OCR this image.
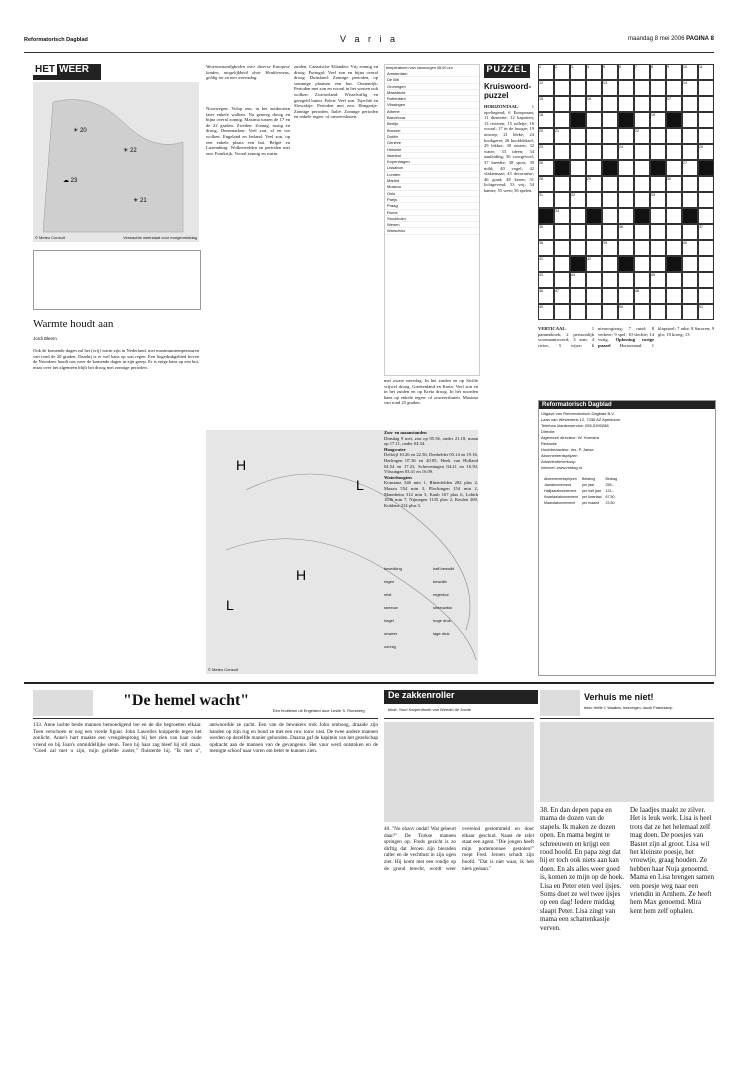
Reformatorisch Dagblad	V a r i a	maandag 8 mei 2006 PAGINA 8
HET WEER
☀ 20
☀ 22
☁ 23
☀ 21
© Meteo Consult	Verwachte weerstaat voor morgenmiddag
Warmte houdt aan
Jordi Bleem
Ook de komende dagen zal het (vrij) warm zijn in Nederland, met maximumtemperaturen van rond de 20 graden. Daarbij is er wel kans op wat regen. Een hogedrukgebied boven de Noordzee houdt ons weer de komende dagen in zijn greep. Er is enige kans op een bui, maar over het algemeen blijft het droog met zonnige perioden.
Wetenswaardigheden over diverse Europese landen, mogelijkheid door Weatherneus, geldig tot en met woensdag.
Noorwegen: Volop zon, in het zuidoosten later enkele wolken. Na genoeg droog en bijna overal zonnig. Maxima tussen de 17 en de 22 graden. Zweden: Zonnig, rustig en droog. Denemarken: Veel zon, af en toe wolken. Engeland en Ierland: Veel zon, op een enkele plaats een bui. België en Luxemburg: Wolkenvelden en perioden met zon. Frankrijk: Vooral zonnig en warm.
zuiden. Canarische Eilanden: Vrij zonnig en droog. Portugal: Veel zon en bijna overal droog. Duitsland: Zonnige perioden, op sommige plaatsen een bui. Oostenrijk: Perioden met zon en vooral in het westen ook wolken. Zwitserland: Wisselvallig en geregeld buien. Polen: Veel zon. Tsjechië en Slowakije: Perioden met zon. Hongarije: Zonnige perioden. Italië: Zonnige perioden en enkele regen- of onweersbuien.
temperaturen van vanmorgen 08.00 uur
Amsterdam
De Bilt
Groningen
Maastricht
Rotterdam
Vlissingen
Athene
Barcelona
Berlijn
Brussel
Dublin
Genève
Helsinki
Istanbul
Kopenhagen
Lissabon
Londen
Madrid
Moskou
Oslo
Parijs
Praag
Rome
Stockholm
Wenen
Warschau
met zware neerslag. In het zuiden en op Sicilië vrijwel droog. Griekenland en Kreta: Veel zon en in het zuiden en op Kreta droog. In het noorden kans op enkele regen- of onweersbuien. Maxima van rond 25 graden.
PUZZEL
Kruiswoord-puzzel
HORIZONTAAL: 1 opvliegend; 6 Europeaan; 11 dinsterte; 12 kapotten; 13 rivieren; 15 rolletje; 16 vooral; 17 in de hoogte; 19 uitroep; 21 bleke; 24 kookgerei; 26 hoofddeksel; 29 lekker; 30 oosten; 32 water; 33 ideen; 34 aanleiding; 36 voorgevoel; 37 breedte; 38 sport; 39 mild; 40 vogel; 42 vlaktemaat; 43 decorateur; 46 goud; 48 keren; 51 lichtgevend; 53 vrij; 54 kamer; 55 weet; 56 spelen.
VERTICAAL: 1 pannenkoek; 2 persoonlijk voornaamwoord; 3 arm; 4 rivier; 5 wijze; 6 nieuwsgierig; 7 rund; 8 verkeer; 9 spel; 10 slechte; 14 vurig. Oplossing vorige puzzel Horizontaal: 1 klapstoel; 7 rake; 8 Saracen; 9 glo; 10 kroeg; 13
1	2	3	4	5	6	7	8	9	10	11
12	13	14
15	16	17
18	19
20	21	22
23	24	25
26	27
28	29	30
31	32	33
34
35	36	37
38	39	40
41	42
43	44	45
46	47	48
49	50	51
H
L
L
H
© Meteo Consult
Zon- en maanstanden
Dinsdag 9 mei, zon op 05.56, onder 21.18, maan op 17.11, onder 04.34.
Hoogwater
Delfzijl 10.26 en 22.36, Denhelder 05.14 en 19.16, Harlingen 07.36 en 20.05, Hoek van Holland 04.54 en 17.23, Scheveningen 04.21 en 16.50, Vlissingen 03.41 en 16.09.
Waterhoogten
Konstanz 346 min 1, Rheinfelden 282 plus 2, Maxau 554 min 3, Plochingen 154 min 2, Mannheim 312 min 5, Kaub 167 plus 6, Lobith 1036 min 7, Nijmegen 1135 plus 2, Keulen 269, Koblenz 214 plus 3.
bewolking
regen
mist
sneeuw
hagel
onweer
zonnig
half bewolkt
bewolkt
regenbui
sneeuwbui
hoge druk
lage druk
Reformatorisch Dagblad
Uitgave van Reformatorisch Dagblad B.V.
Laan van Westenenk 12, 7336 AZ Apeldoorn
Telefoon klantenservice: 055-5390288
Directie
Algemeen directeur: W. Hornstra
Redactie
Hoofdredacteur: drs. P. Janse
Abonnementsprijzen
Advertentieverkoop
Internet: www.refdag.nl
Abonnementsprijzen	Betaling	Bedrag
Jaarabonnement	per jaar	255,-
Halfjaarabonnement	per half jaar	131,-
Kwartaalabonnement	per kwartaal	67,50
Maandabonnement	per maand	23,50
"De hemel wacht"
Een feuilleton uit Engeland door Leslie S. Roesberg
133. Anne lachte beide mannen bemoedigend toe en de die begroetten elkaar. Toen verschoen er nog een vierde figuur. John Lascelles knipperde tegen het zonlicht. Anne's hart maakte een vreugdesprong bij het zien van haar oude vriend en bij Joan's onmiddellijke steun. Toen hij haar zag bleef hij stil staan. "Goed zal met u zijn, mijn geliefde zuster," fluisterde hij. "Ik met u", antwoordde ze zacht. Een van de bewakers trok John omhoog, draaide zijn handen op zijn rug en bond ze met een ruw touw vast. De twee andere mannen werden op dezelfde manier gebonden. Daarna gaf de kapitein van het gezelschap opdracht aan de mannen van de gevangenis. Het vuur werd ontstoken en de menigte schoof naar voren om beter te kunnen zien.
De zakkenroller
tekst: Youri Karpenthoek van Wendel de Joode
40. "Nu ohzov ondal! Wat gebeurt daar?" De Turkse mannen springen op. Freds gezicht is zo dirftig dat Jeroen zijn bieraden ralter en de vechtlust in zijn ogen ziet. Hij komt met een rondje op de grond terecht, wordt weer overeind gestommeld en door elkaar geschud. Naast de tafel staat een agent. "Die jongen heeft mijn portemonnee gestolen!" roept Fred. Jeroen schudt zijn hoofd. "Dat is niet waar, ik heb niets gedaan."
Verhuis me niet!
tekst: Hellie J. Waalkes, tekeningen: Jacob Pasterkamp
38. En dan depen papa en mama de dozen van de stapels. Ik maken ze dozen open. En mama begint te schreeuwen en krijgt een rood hoofd. En papa zegt dat hij er toch ook niets aan kan doen. En als alles weer goed is, komen ze mijn op de hoek. Lisa en Peter eten veel ijsjes. Soms doet ze wel twee ijsjes op een dag! Iedere middag slaapt Peter. Lisa zingt van mama een schattenkastje verven.
De laadjes maakt ze zilver. Het is leuk werk. Lisa is heel trots dat ze het helemaal zelf mag doen. De poesjes van Bastet zijn al groot. Lisa wil het kleinste poesje, het vrouwtje, graag houden. Ze hebben haar Nuja genoemd. Mama en Lisa brengen samen een poesje weg naar een vriendin in Arnhem. Ze heeft hem Max genoemd. Mira kent hem zelf ophalen.
